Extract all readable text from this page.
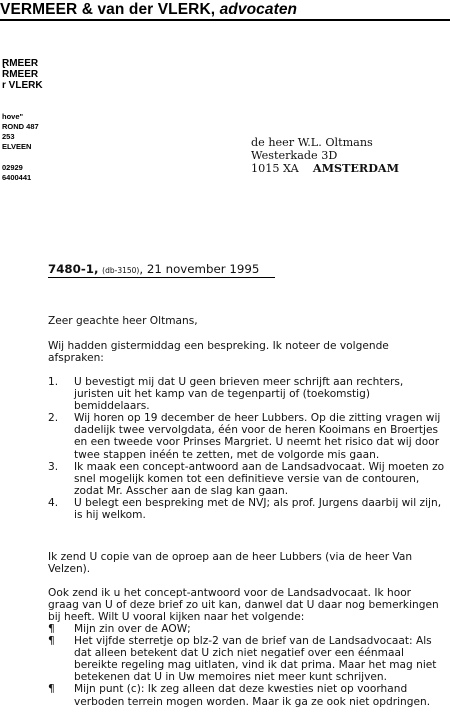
VERMEER & van der VLERK, advocaten
ⱤMEER
RMEER
r VLERK
hove"
ROND 487
253
ELVEEN
02929
6400441
de heer W.L. Oltmans
Westerkade 3D
1015 XA AMSTERDAM
7480-1, (db-3150), 21 november 1995
Zeer geachte heer Oltmans,
Wij hadden gistermiddag een bespreking. Ik noteer de volgende afspraken:
1.	U bevestigt mij dat U geen brieven meer schrijft aan rechters, juristen uit het kamp van de tegenpartij of (toekomstig) bemiddelaars.
2.	Wij horen op 19 december de heer Lubbers. Op die zitting vragen wij dadelijk twee vervolgdata, één voor de heren Kooimans en Broertjes en een tweede voor Prinses Margriet. U neemt het risico dat wij door twee stappen inéén te zetten, met de volgorde mis gaan.
3.	Ik maak een concept-antwoord aan de Landsadvocaat. Wij moeten zo snel mogelijk komen tot een definitieve versie van de contouren, zodat Mr. Asscher aan de slag kan gaan.
4.	U belegt een bespreking met de NVJ; als prof. Jurgens daarbij wil zijn, is hij welkom.
Ik zend U copie van de oproep aan de heer Lubbers (via de heer Van Velzen).
Ook zend ik u het concept-antwoord voor de Landsadvocaat. Ik hoor graag van U of deze brief zo uit kan, danwel dat U daar nog bemerkingen bij heeft. Wilt U vooral kijken naar het volgende:
¶	Mijn zin over de AOW;
¶	Het vijfde sterretje op blz-2 van de brief van de Landsadvocaat: Als dat alleen betekent dat U zich niet negatief over een éénmaal bereikte regeling mag uitlaten, vind ik dat prima. Maar het mag niet betekenen dat U in Uw memoires niet meer kunt schrijven.
¶	Mijn punt (c): Ik zeg alleen dat deze kwesties niet op voorhand verboden terrein mogen worden. Maar ik ga ze ook niet opdringen.
